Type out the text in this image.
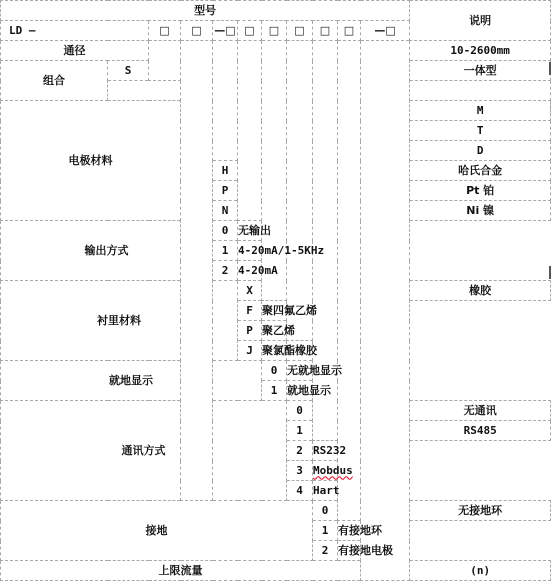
型号											说明	
LD —		□	□	—□	□	□	□	□	□	—□		
通径											10-2600mm	
组合	S										一体型	

电极材料											M	
											T	
											D	
				H							哈氏合金	
				P							Pt 铂	
				N							Ni 镍	
输出方式				0	无输出							
				1	4-20mA/1-5KHz							
				2	4-20mA							
衬里材料					X						橡胶	
					F	聚四氟乙烯						
					P	聚乙烯						
					J	聚氯酯橡胶						
就地显示						0	无就地显示					
						1	就地显示					
通讯方式							0				无通讯	
							1				RS485	
							2	RS232				
							3	Mobdus				
							4	Hart				
接地								0			无接地环	
								1	有接地环			
								2	有接地电极			
上限流量											(n)	
